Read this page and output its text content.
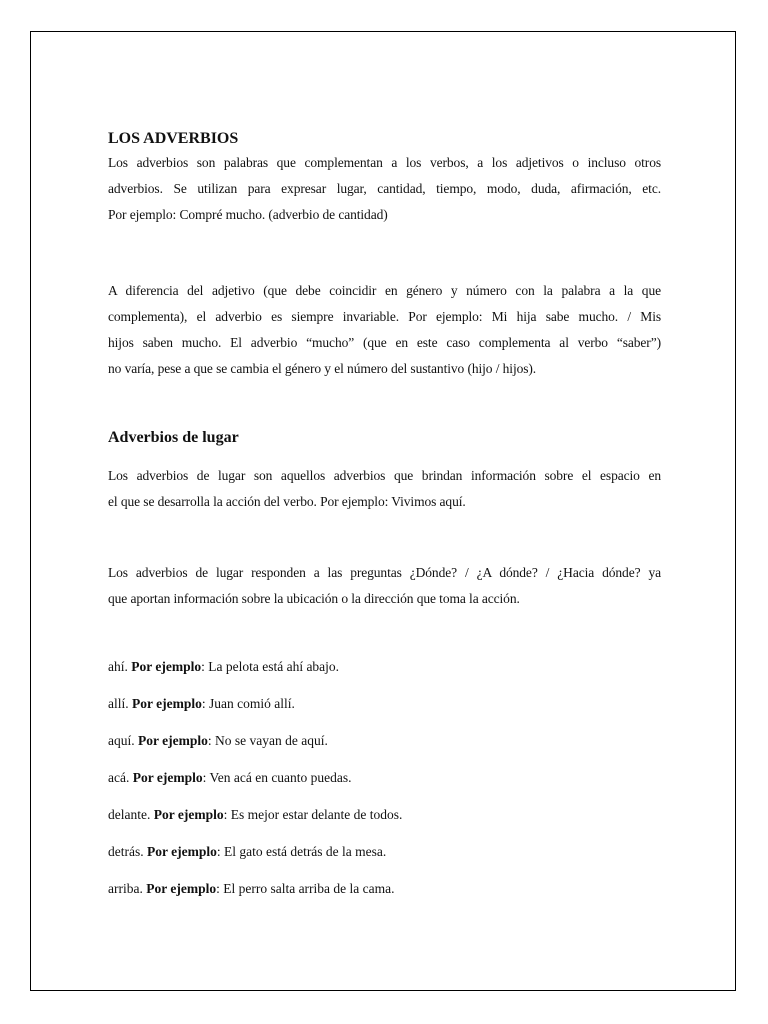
LOS ADVERBIOS

Los adverbios son palabras que complementan a los verbos, a los adjetivos o incluso otros

adverbios. Se utilizan para expresar lugar, cantidad, tiempo, modo, duda, afirmación, etc.

Por ejemplo: Compré mucho. (adverbio de cantidad)

A diferencia del adjetivo (que debe coincidir en género y número con la palabra a la que

complementa), el adverbio es siempre invariable. Por ejemplo: Mi hija sabe mucho. / Mis

hijos saben mucho. El adverbio “mucho” (que en este caso complementa al verbo “saber”)

no varía, pese a que se cambia el género y el número del sustantivo (hijo / hijos).

Adverbios de lugar

Los adverbios de lugar son aquellos adverbios que brindan información sobre el espacio en

el que se desarrolla la acción del verbo. Por ejemplo: Vivimos aquí.

Los adverbios de lugar responden a las preguntas ¿Dónde? / ¿A dónde? / ¿Hacia dónde? ya

que aportan información sobre la ubicación o la dirección que toma la acción.

ahí. Por ejemplo: La pelota está ahí abajo.

allí. Por ejemplo: Juan comió allí.

aquí. Por ejemplo: No se vayan de aquí.

acá. Por ejemplo: Ven acá en cuanto puedas.

delante. Por ejemplo: Es mejor estar delante de todos.

detrás. Por ejemplo: El gato está detrás de la mesa.

arriba. Por ejemplo: El perro salta arriba de la cama.
